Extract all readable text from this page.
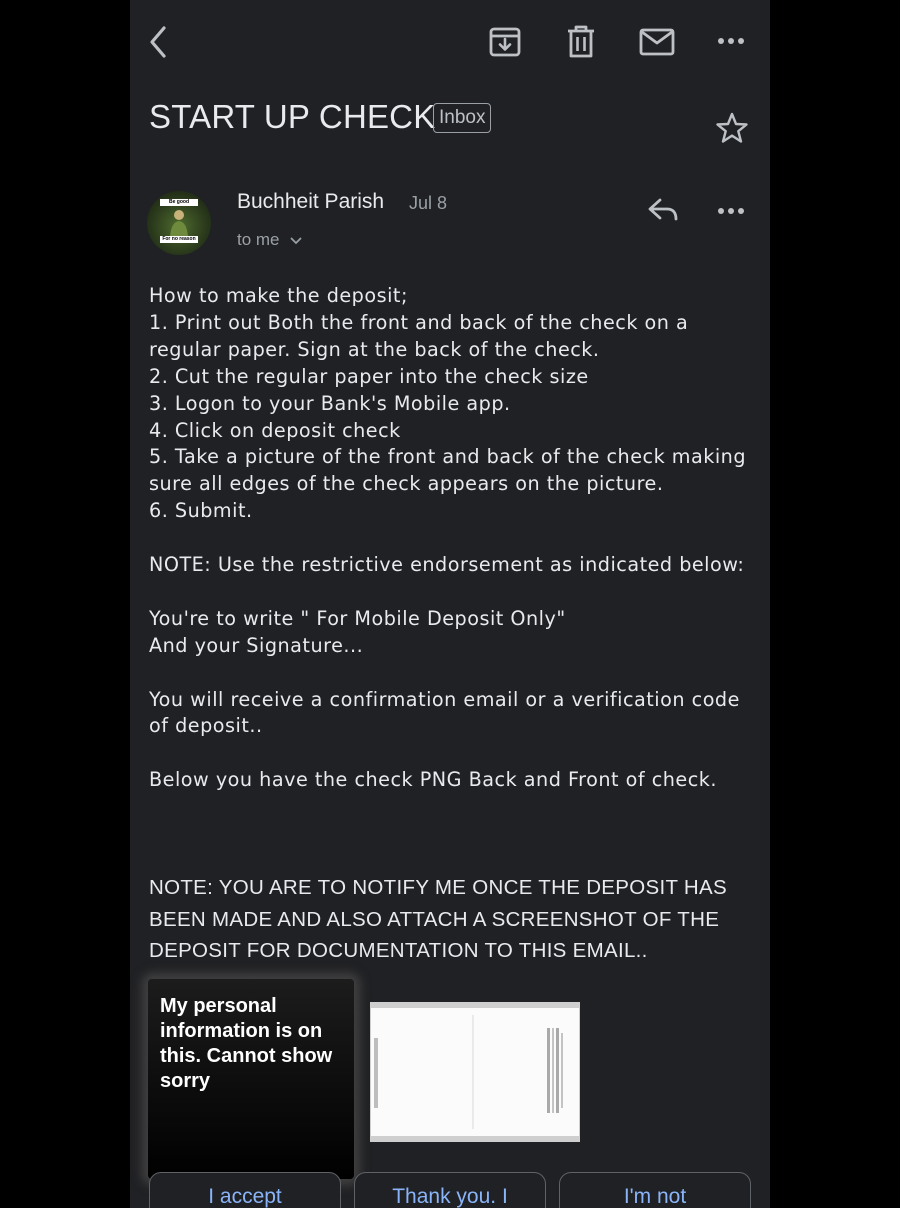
START UP CHECK Inbox
Be good
For no reason
Buchheit Parish Jul 8
to me

How to make the deposit;

1. Print out Both the front and back of the check on a regular paper. Sign at the back of the check.

2. Cut the regular paper into the check size

3. Logon to your Bank's Mobile app.

4. Click on deposit check

5. Take a picture of the front and back of the check making sure all edges of the check appears on the picture.

6. Submit.

NOTE: Use the restrictive endorsement as indicated below:

You're to write " For Mobile Deposit Only"

And your Signature...

You will receive a confirmation email or a verification code of deposit..

Below you have the check PNG Back and Front of check.

NOTE: YOU ARE TO NOTIFY ME ONCE THE DEPOSIT HAS BEEN MADE AND ALSO ATTACH A SCREENSHOT OF THE DEPOSIT FOR DOCUMENTATION TO THIS EMAIL..
My personal information is on this. Cannot show sorry
I accept	Thank you. I	I'm not
